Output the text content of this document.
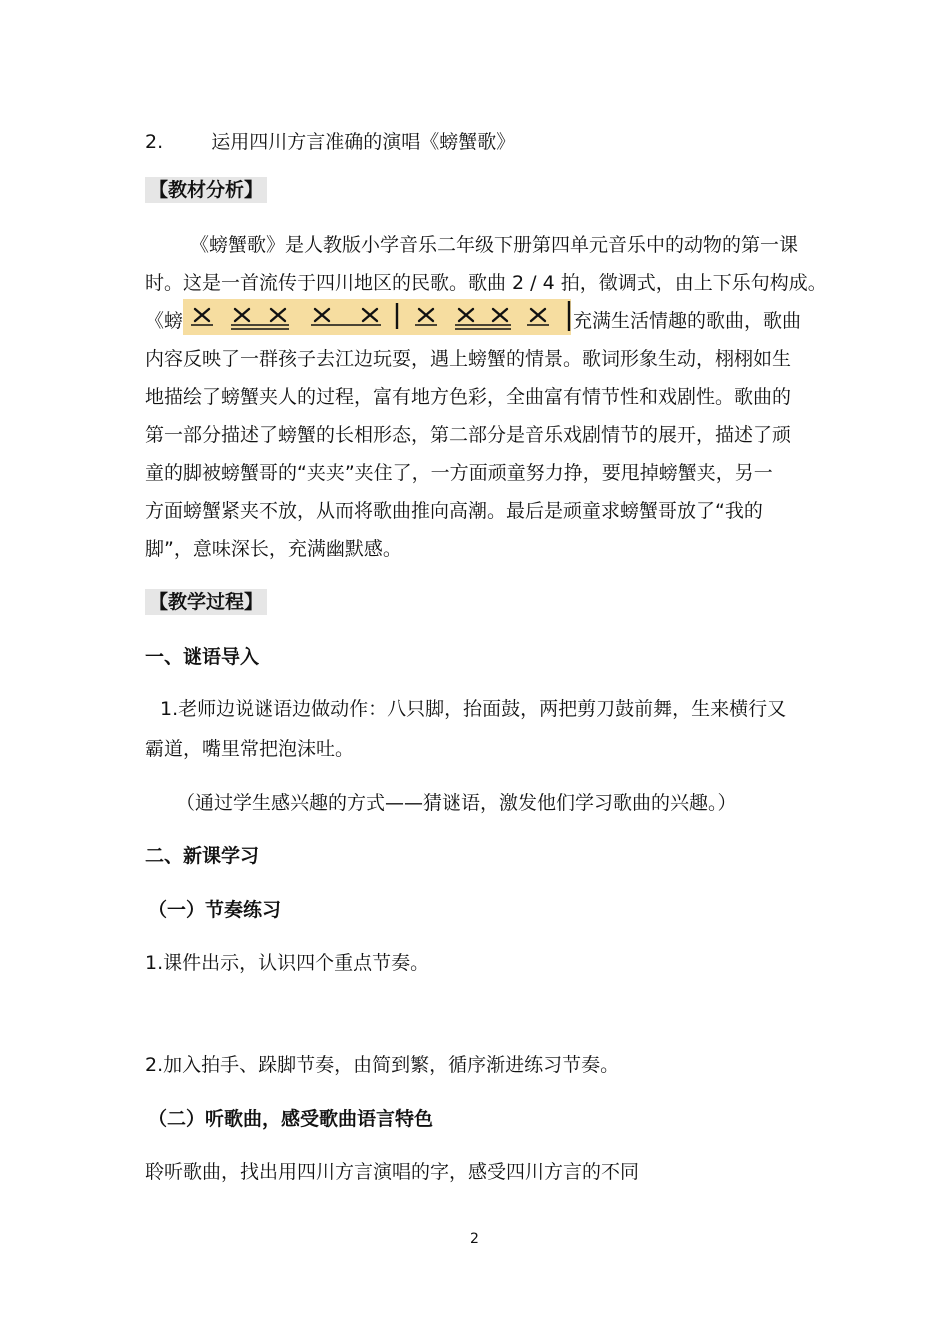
2.	运用四川方言准确的演唱《螃蟹歌》
【教材分析】
《螃蟹歌》是人教版小学音乐二年级下册第四单元音乐中的动物的第一课
时。这是一首流传于四川地区的民歌。歌曲 2 / 4 拍，徵调式，由上下乐句构成。
《螃	充满生活情趣的歌曲，歌曲
内容反映了一群孩子去江边玩耍，遇上螃蟹的情景。歌词形象生动，栩栩如生
地描绘了螃蟹夹人的过程，富有地方色彩，全曲富有情节性和戏剧性。歌曲的
第一部分描述了螃蟹的长相形态，第二部分是音乐戏剧情节的展开，描述了顽
童的脚被螃蟹哥的“夹夹”夹住了，一方面顽童努力挣，要甩掉螃蟹夹，另一
方面螃蟹紧夹不放，从而将歌曲推向高潮。最后是顽童求螃蟹哥放了“我的
脚”，意味深长，充满幽默感。
【教学过程】
一、谜语导入
1.老师边说谜语边做动作：八只脚，抬面鼓，两把剪刀鼓前舞，生来横行又
霸道，嘴里常把泡沫吐。
（通过学生感兴趣的方式——猜谜语，激发他们学习歌曲的兴趣。）
二、新课学习
（一）节奏练习
1.课件出示，认识四个重点节奏。
2.加入拍手、跺脚节奏，由简到繁，循序渐进练习节奏。
（二）听歌曲，感受歌曲语言特色
聆听歌曲，找出用四川方言演唱的字，感受四川方言的不同
2
